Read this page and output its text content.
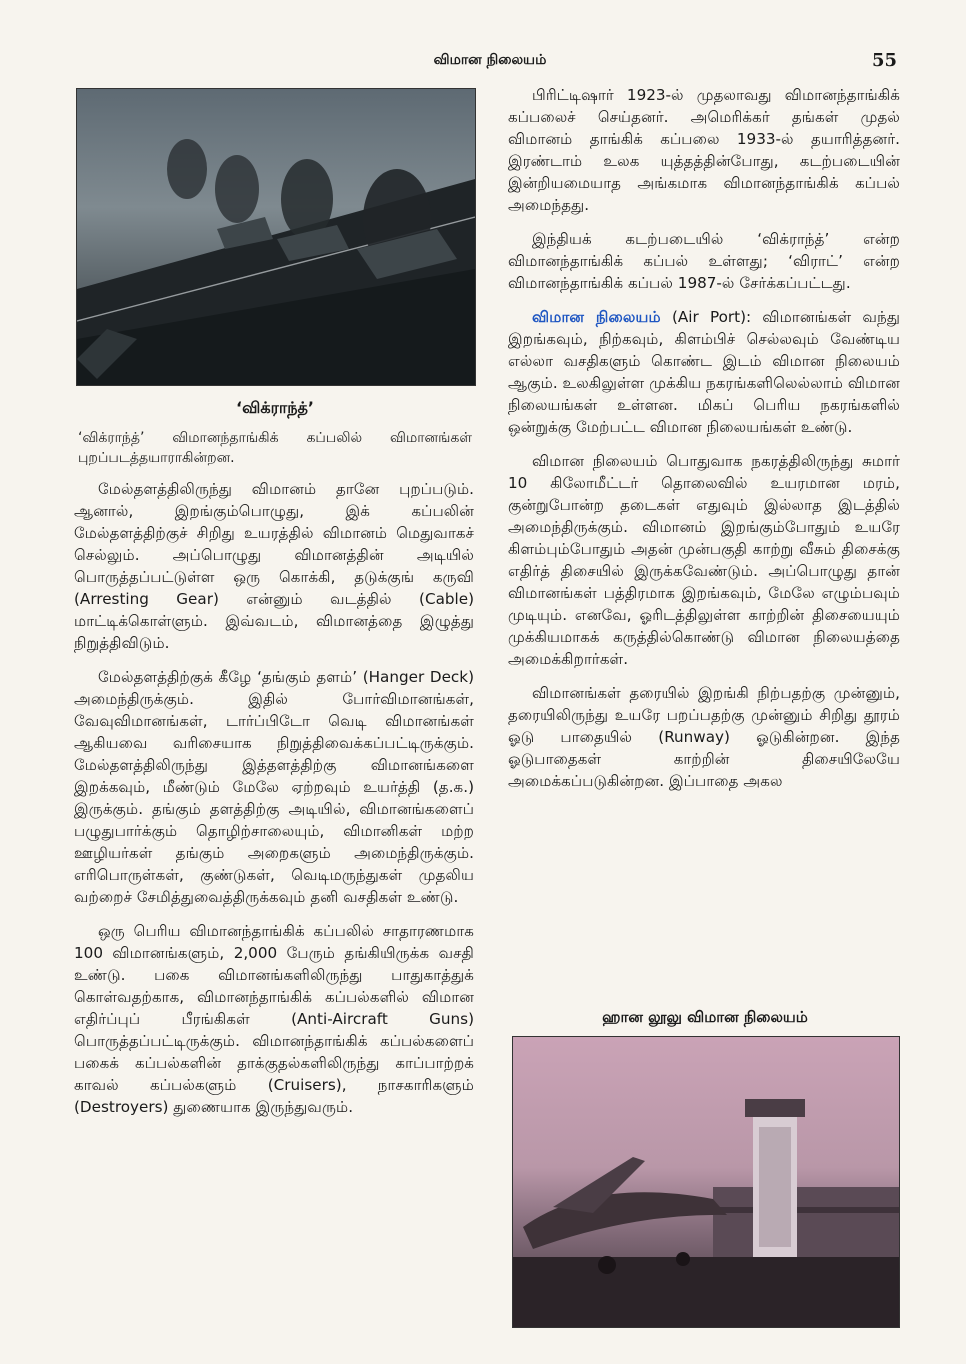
விமான நிலையம்	55
‘விக்ராந்த்’
‘விக்ராந்த்’ விமானந்தாங்கிக் கப்பலில் விமானங்கள் புறப்படத்தயாராகின்றன.

மேல்தளத்திலிருந்து விமானம் தானே புறப்படும். ஆனால், இறங்கும்பொழுது, இக் கப்பலின் மேல்தளத்திற்குச் சிறிது உயரத்தில் விமானம் மெதுவாகச் செல்லும். அப்பொழுது விமானத்தின் அடியில் பொருத்தப்பட்டுள்ள ஒரு கொக்கி, தடுக்குங் கருவி (Arresting Gear) என்னும் வடத்தில் (Cable) மாட்டிக்கொள்ளும். இவ்வடம், விமானத்தை இழுத்து நிறுத்திவிடும்.

மேல்தளத்திற்குக் கீழே ‘தங்கும் தளம்’ (Hanger Deck) அமைந்திருக்கும். இதில் போர்விமானங்கள், வேவுவிமானங்கள், டார்ப்பிடோ வெடி விமானங்கள் ஆகியவை வரிசையாக நிறுத்திவைக்கப்பட்டிருக்கும். மேல்தளத்திலிருந்து இத்தளத்திற்கு விமானங்களை இறக்கவும், மீண்டும் மேலே ஏற்றவும் உயர்த்தி (த.க.) இருக்கும். தங்கும் தளத்திற்கு அடியில், விமானங்களைப் பழுதுபார்க்கும் தொழிற்சாலையும், விமானிகள் மற்ற ஊழியர்கள் தங்கும் அறைகளும் அமைந்திருக்கும். எரிபொருள்கள், குண்டுகள், வெடிமருந்துகள் முதலிய வற்றைச் சேமித்துவைத்திருக்கவும் தனி வசதிகள் உண்டு.

ஒரு பெரிய விமானந்தாங்கிக் கப்பலில் சாதாரணமாக 100 விமானங்களும், 2,000 பேரும் தங்கியிருக்க வசதி உண்டு. பகை விமானங்களிலிருந்து பாதுகாத்துக் கொள்வதற்காக, விமானந்தாங்கிக் கப்பல்களில் விமான எதிர்ப்புப் பீரங்கிகள் (Anti-Aircraft Guns) பொருத்தப்பட்டிருக்கும். விமானந்தாங்கிக் கப்பல்களைப் பகைக் கப்பல்களின் தாக்குதல்களிலிருந்து காப்பாற்றக் காவல் கப்பல்களும் (Cruisers), நாசகாரிகளும் (Destroyers) துணையாக இருந்துவரும்.

பிரிட்டிஷார் 1923-ல் முதலாவது விமானந்தாங்கிக் கப்பலைச் செய்தனர். அமெரிக்கர் தங்கள் முதல் விமானம் தாங்கிக் கப்பலை 1933-ல் தயாரித்தனர். இரண்டாம் உலக யுத்தத்தின்போது, கடற்படையின் இன்றியமையாத அங்கமாக விமானந்தாங்கிக் கப்பல் அமைந்தது.

இந்தியக் கடற்படையில் ‘விக்ராந்த்’ என்ற விமானந்தாங்கிக் கப்பல் உள்ளது; ‘விராட்’ என்ற விமானந்தாங்கிக் கப்பல் 1987-ல் சேர்க்கப்பட்டது.

விமான நிலையம் (Air Port): விமானங்கள் வந்து இறங்கவும், நிற்கவும், கிளம்பிச் செல்லவும் வேண்டிய எல்லா வசதிகளும் கொண்ட இடம் விமான நிலையம் ஆகும். உலகிலுள்ள முக்கிய நகரங்களிலெல்லாம் விமான நிலையங்கள் உள்ளன. மிகப் பெரிய நகரங்களில் ஒன்றுக்கு மேற்பட்ட விமான நிலையங்கள் உண்டு.

விமான நிலையம் பொதுவாக நகரத்திலிருந்து சுமார் 10 கிலோமீட்டர் தொலைவில் உயரமான மரம், குன்றுபோன்ற தடைகள் எதுவும் இல்லாத இடத்தில் அமைந்திருக்கும். விமானம் இறங்கும்போதும் உயரே கிளம்பும்போதும் அதன் முன்பகுதி காற்று வீசும் திசைக்கு எதிர்த் திசையில் இருக்கவேண்டும். அப்பொழுது தான் விமானங்கள் பத்திரமாக இறங்கவும், மேலே எழும்பவும் முடியும். எனவே, ஓரிடத்திலுள்ள காற்றின் திசையையும் முக்கியமாகக் கருத்தில்கொண்டு விமான நிலையத்தை அமைக்கிறார்கள்.

விமானங்கள் தரையில் இறங்கி நிற்பதற்கு முன்னும், தரையிலிருந்து உயரே பறப்பதற்கு முன்னும் சிறிது தூரம் ஓடு பாதையில் (Runway) ஓடுகின்றன. இந்த ஓடுபாதைகள் காற்றின் திசையிலேயே அமைக்கப்படுகின்றன. இப்பாதை அகல

ஹான லூலு விமான நிலையம்
